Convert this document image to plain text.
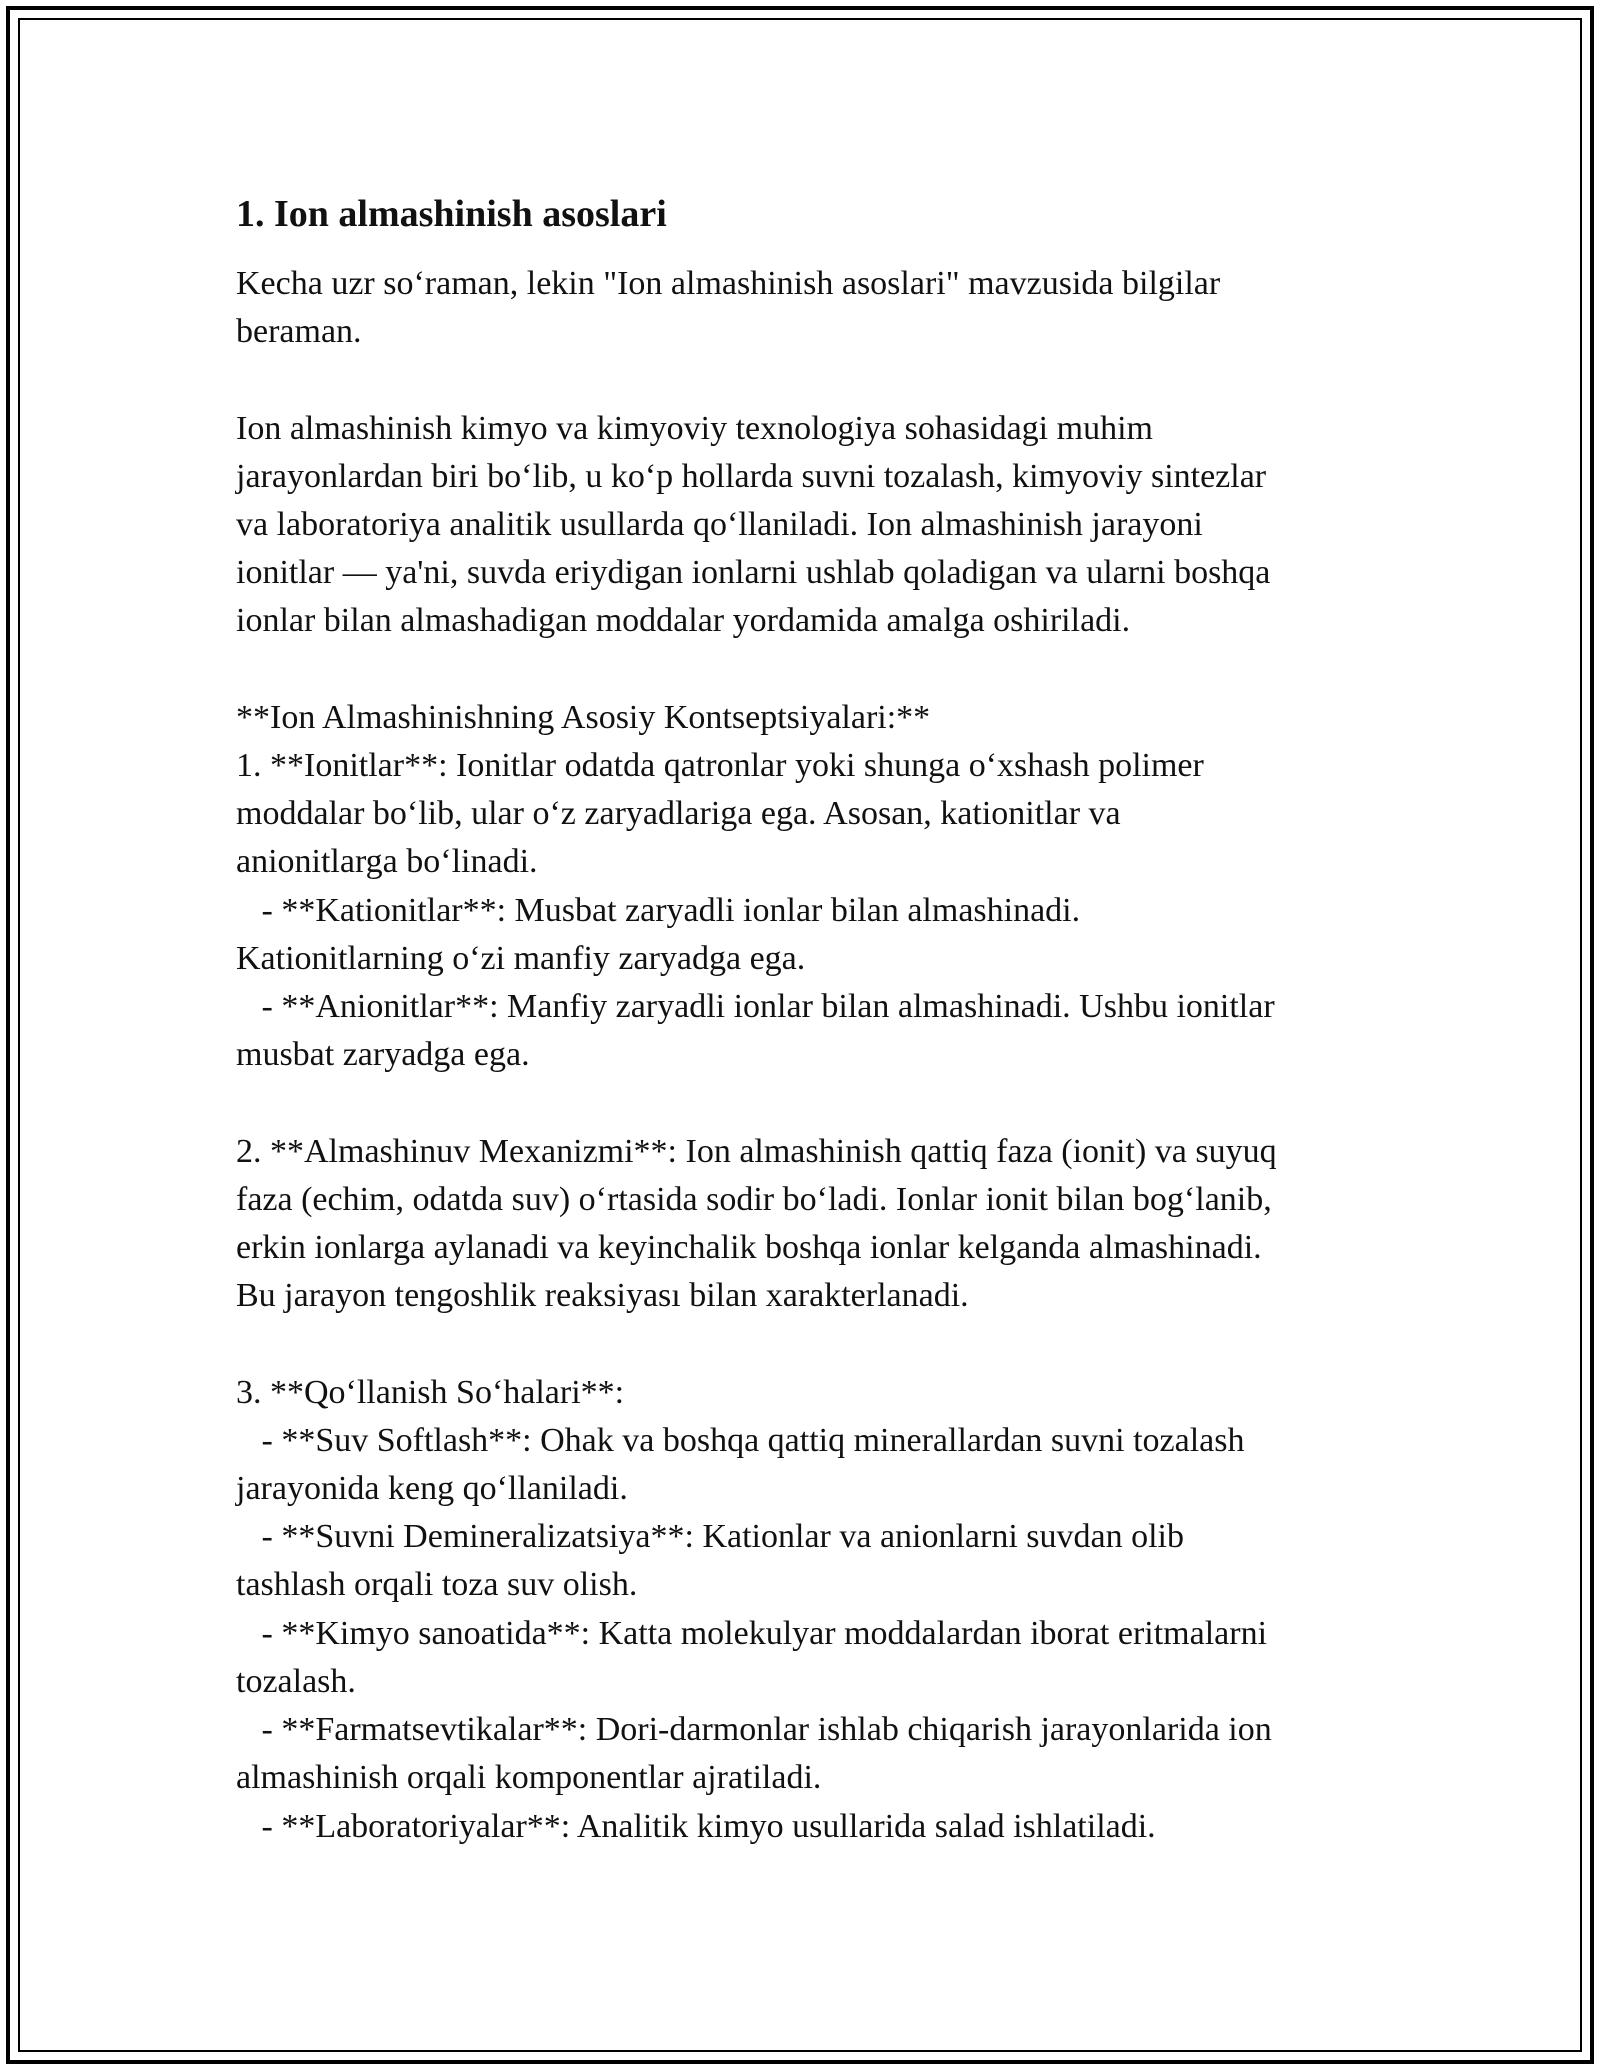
1. Ion almashinish asoslari
Kecha uzr so‘raman, lekin "Ion almashinish asoslari" mavzusida bilgilar
beraman.

Ion almashinish kimyo va kimyoviy texnologiya sohasidagi muhim
jarayonlardan biri bo‘lib, u ko‘p hollarda suvni tozalash, kimyoviy sintezlar
va laboratoriya analitik usullarda qo‘llaniladi. Ion almashinish jarayoni
ionitlar — ya'ni, suvda eriydigan ionlarni ushlab qoladigan va ularni boshqa
ionlar bilan almashadigan moddalar yordamida amalga oshiriladi.

**Ion Almashinishning Asosiy Kontseptsiyalari:**
1. **Ionitlar**: Ionitlar odatda qatronlar yoki shunga o‘xshash polimer
moddalar bo‘lib, ular o‘z zaryadlariga ega. Asosan, kationitlar va
anionitlarga bo‘linadi.
- **Kationitlar**: Musbat zaryadli ionlar bilan almashinadi.
Kationitlarning o‘zi manfiy zaryadga ega.
- **Anionitlar**: Manfiy zaryadli ionlar bilan almashinadi. Ushbu ionitlar
musbat zaryadga ega.

2. **Almashinuv Mexanizmi**: Ion almashinish qattiq faza (ionit) va suyuq
faza (echim, odatda suv) o‘rtasida sodir bo‘ladi. Ionlar ionit bilan bog‘lanib,
erkin ionlarga aylanadi va keyinchalik boshqa ionlar kelganda almashinadi.
Bu jarayon tengoshlik reaksiyası bilan xarakterlanadi.

3. **Qo‘llanish So‘halari**:
- **Suv Softlash**: Ohak va boshqa qattiq minerallardan suvni tozalash
jarayonida keng qo‘llaniladi.
- **Suvni Demineralizatsiya**: Kationlar va anionlarni suvdan olib
tashlash orqali toza suv olish.
- **Kimyo sanoatida**: Katta molekulyar moddalardan iborat eritmalarni
tozalash.
- **Farmatsevtikalar**: Dori-darmonlar ishlab chiqarish jarayonlarida ion
almashinish orqali komponentlar ajratiladi.
- **Laboratoriyalar**: Analitik kimyo usullarida salad ishlatiladi.
